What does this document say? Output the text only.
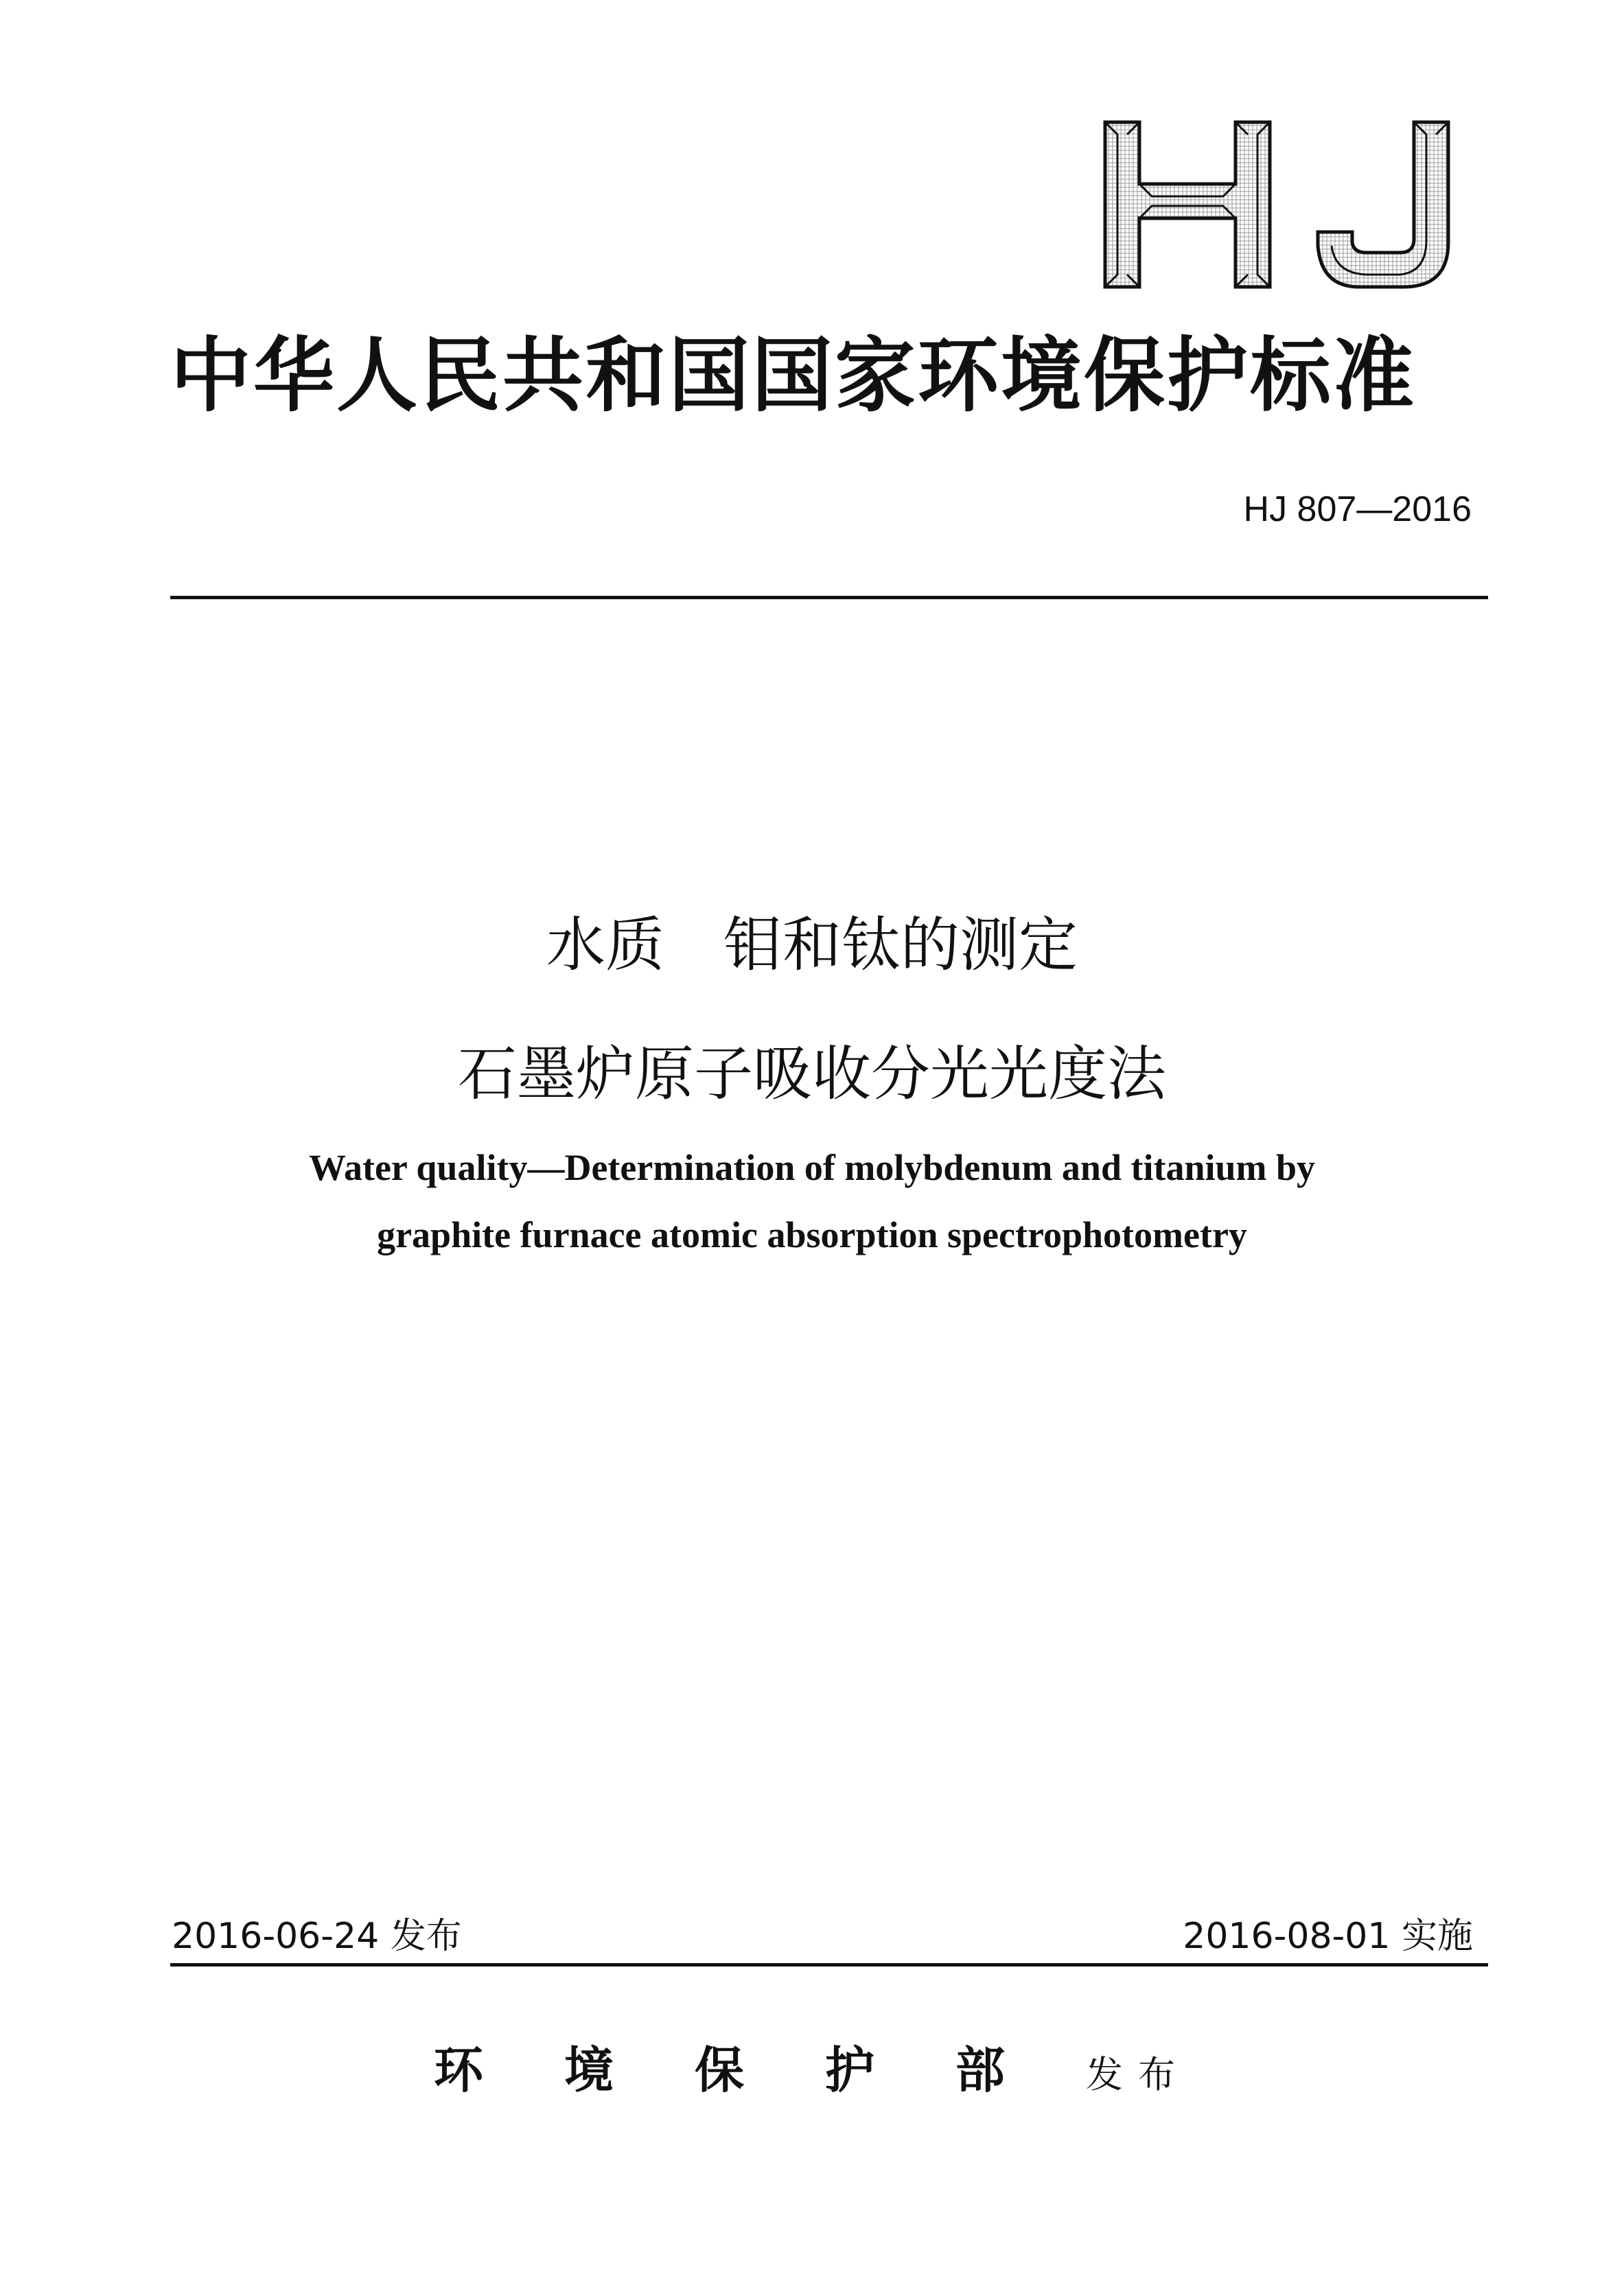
HJ
中华人民共和国国家环境保护标准
HJ 807—2016
水质　钼和钛的测定
石墨炉原子吸收分光光度法
Water quality—Determination of molybdenum and titanium by
graphite furnace atomic absorption spectrophotometry
2016-06-24 发布	2016-08-01 实施
环境保护部发布
